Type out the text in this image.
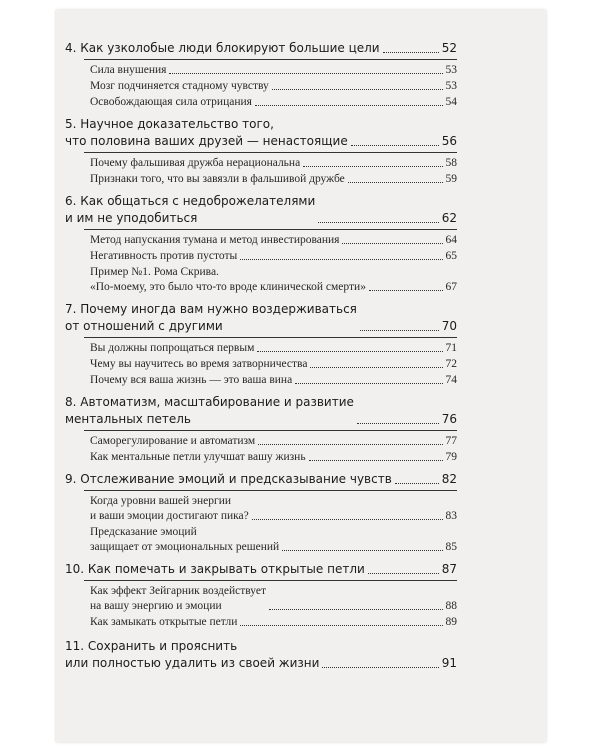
4. Как узколобые люди блокируют большие цели	52
Сила внушения	53
Мозг подчиняется стадному чувству	53
Освобождающая сила отрицания	54
5. Научное доказательство того,
что половина ваших друзей — ненастоящие	56
Почему фальшивая дружба нерациональна	58
Признаки того, что вы завязли в фальшивой дружбе	59
6. Как общаться с недоброжелателями
и им не уподобиться	62
Метод напускания тумана и метод инвестирования	64
Негативность против пустоты	65
Пример №1. Рома Скрива.
«По-моему, это было что-то вроде клинической смерти»	67
7. Почему иногда вам нужно воздерживаться
от отношений с другими	70
Вы должны попрощаться первым	71
Чему вы научитесь во время затворничества	72
Почему вся ваша жизнь — это ваша вина	74
8. Автоматизм, масштабирование и развитие
ментальных петель	76
Саморегулирование и автоматизм	77
Как ментальные петли улучшат вашу жизнь	79
9. Отслеживание эмоций и предсказывание чувств	82
Когда уровни вашей энергии
и ваши эмоции достигают пика?	83
Предсказание эмоций
защищает от эмоциональных решений	85
10. Как помечать и закрывать открытые петли	87
Как эффект Зейгарник воздействует
на вашу энергию и эмоции	88
Как замыкать открытые петли	89
11. Сохранить и прояснить
или полностью удалить из своей жизни	91
